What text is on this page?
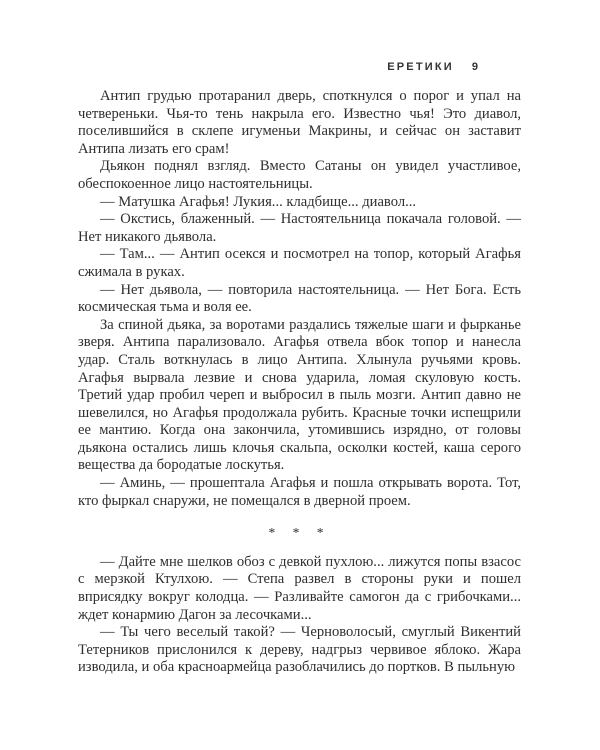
ЕРЕТИКИ 9

Антип грудью протаранил дверь, споткнулся о порог и упал на четвереньки. Чья-то тень накрыла его. Известно чья! Это диавол, поселившийся в склепе игуменьи Макрины, и сейчас он заставит Антипа лизать его срам!

Дьякон поднял взгляд. Вместо Сатаны он увидел участливое, обеспокоенное лицо настоятельницы.

— Матушка Агафья! Лукия... кладбище... диавол...

— Окстись, блаженный. — Настоятельница покачала головой. — Нет никакого дьявола.

— Там... — Антип осекся и посмотрел на топор, который Агафья сжимала в руках.

— Нет дьявола, — повторила настоятельница. — Нет Бога. Есть космическая тьма и воля ее.

За спиной дьяка, за воротами раздались тяжелые шаги и фырканье зверя. Антипа парализовало. Агафья отвела вбок топор и нанесла удар. Сталь воткнулась в лицо Антипа. Хлынула ручьями кровь. Агафья вырвала лезвие и снова ударила, ломая скуловую кость. Третий удар пробил череп и выбросил в пыль мозги. Антип давно не шевелился, но Агафья продолжала рубить. Красные точки испещрили ее мантию. Когда она закончила, утомившись изрядно, от головы дьякона остались лишь клочья скальпа, осколки костей, каша серого вещества да бородатые лоскутья.

— Аминь, — прошептала Агафья и пошла открывать ворота. Тот, кто фыркал снаружи, не помещался в дверной проем.

* * *

— Дайте мне шелков обоз с девкой пухлою... лижутся попы взасос с мерзкой Ктулхою. — Степа развел в стороны руки и пошел вприсядку вокруг колодца. — Разливайте самогон да с грибочками... ждет конармию Дагон за лесочками...

— Ты чего веселый такой? — Черноволосый, смуглый Викентий Тетерников прислонился к дереву, надгрыз червивое яблоко. Жара изводила, и оба красноармейца разоблачились до портков. В пыльную
